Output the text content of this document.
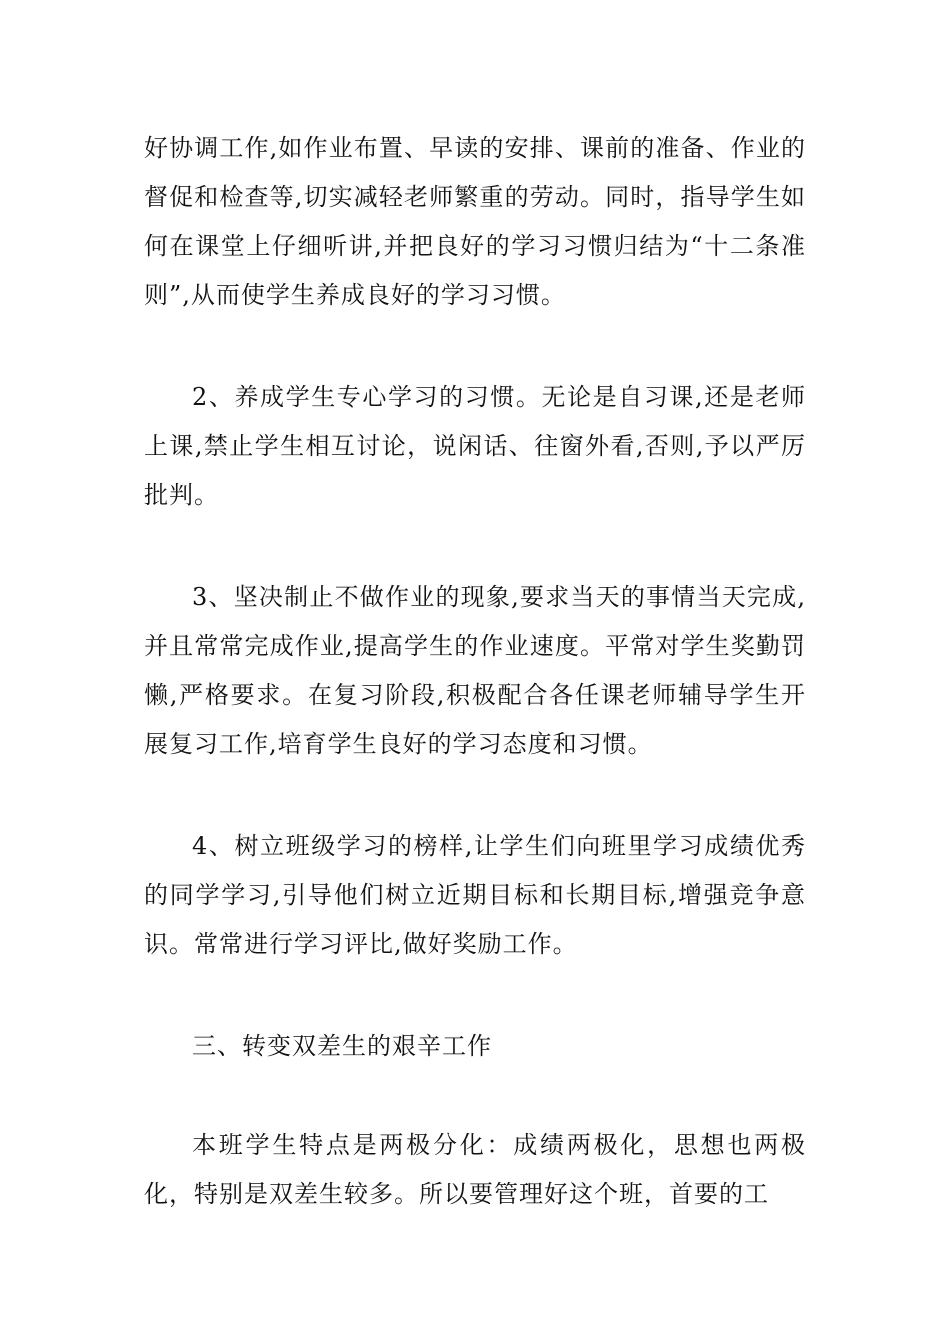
好协调工作,如作业布置、早读的安排、课前的准备、作业的督促和检查等,切实减轻老师繁重的劳动。同时，指导学生如何在课堂上仔细听讲,并把良好的学习习惯归结为“十二条准则”,从而使学生养成良好的学习习惯。

2、养成学生专心学习的习惯。无论是自习课,还是老师上课,禁止学生相互讨论，说闲话、往窗外看,否则,予以严厉批判。

3、坚决制止不做作业的现象,要求当天的事情当天完成,并且常常完成作业,提高学生的作业速度。平常对学生奖勤罚懒,严格要求。在复习阶段,积极配合各任课老师辅导学生开展复习工作,培育学生良好的学习态度和习惯。

4、树立班级学习的榜样,让学生们向班里学习成绩优秀的同学学习,引导他们树立近期目标和长期目标,增强竞争意识。常常进行学习评比,做好奖励工作。

三、转变双差生的艰辛工作

本班学生特点是两极分化：成绩两极化，思想也两极化，特别是双差生较多。所以要管理好这个班，首要的工
